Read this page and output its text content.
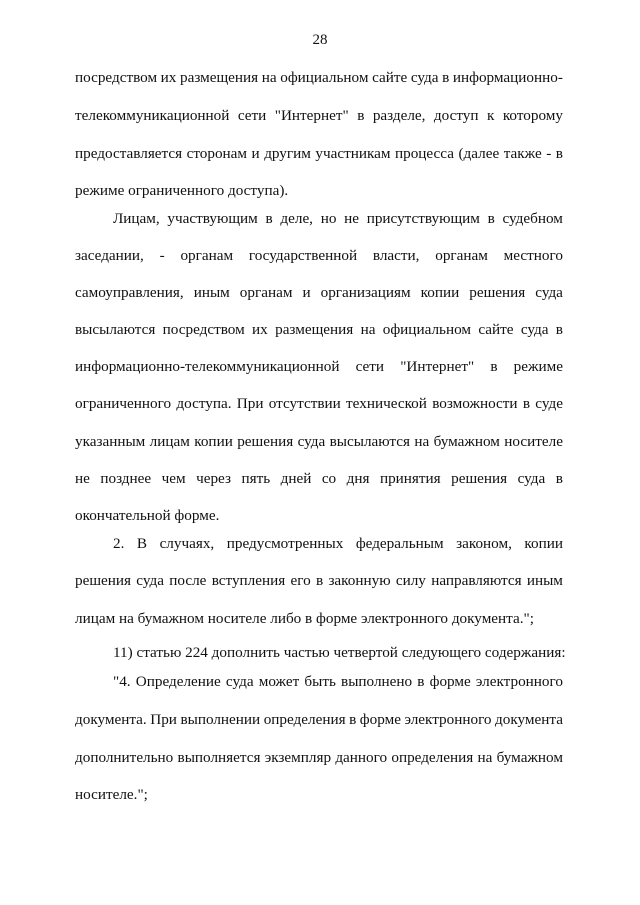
28
посредством их размещения на официальном сайте суда в информационно-
телекоммуникационной сети "Интернет" в разделе, доступ к которому
предоставляется сторонам и другим участникам процесса (далее также - в
режиме ограниченного доступа).
Лицам, участвующим в деле, но не присутствующим в судебном
заседании, - органам государственной власти, органам местного
самоуправления, иным органам и организациям копии решения суда
высылаются посредством их размещения на официальном сайте суда в
информационно-телекоммуникационной сети "Интернет" в режиме
ограниченного доступа. При отсутствии технической возможности в суде
указанным лицам копии решения суда высылаются на бумажном носителе
не позднее чем через пять дней со дня принятия решения суда в
окончательной форме.
2. В случаях, предусмотренных федеральным законом, копии
решения суда после вступления его в законную силу направляются иным
лицам на бумажном носителе либо в форме электронного документа.";
11) статью 224 дополнить частью четвертой следующего содержания:
"4. Определение суда может быть выполнено в форме электронного
документа. При выполнении определения в форме электронного документа
дополнительно выполняется экземпляр данного определения на бумажном
носителе.";
